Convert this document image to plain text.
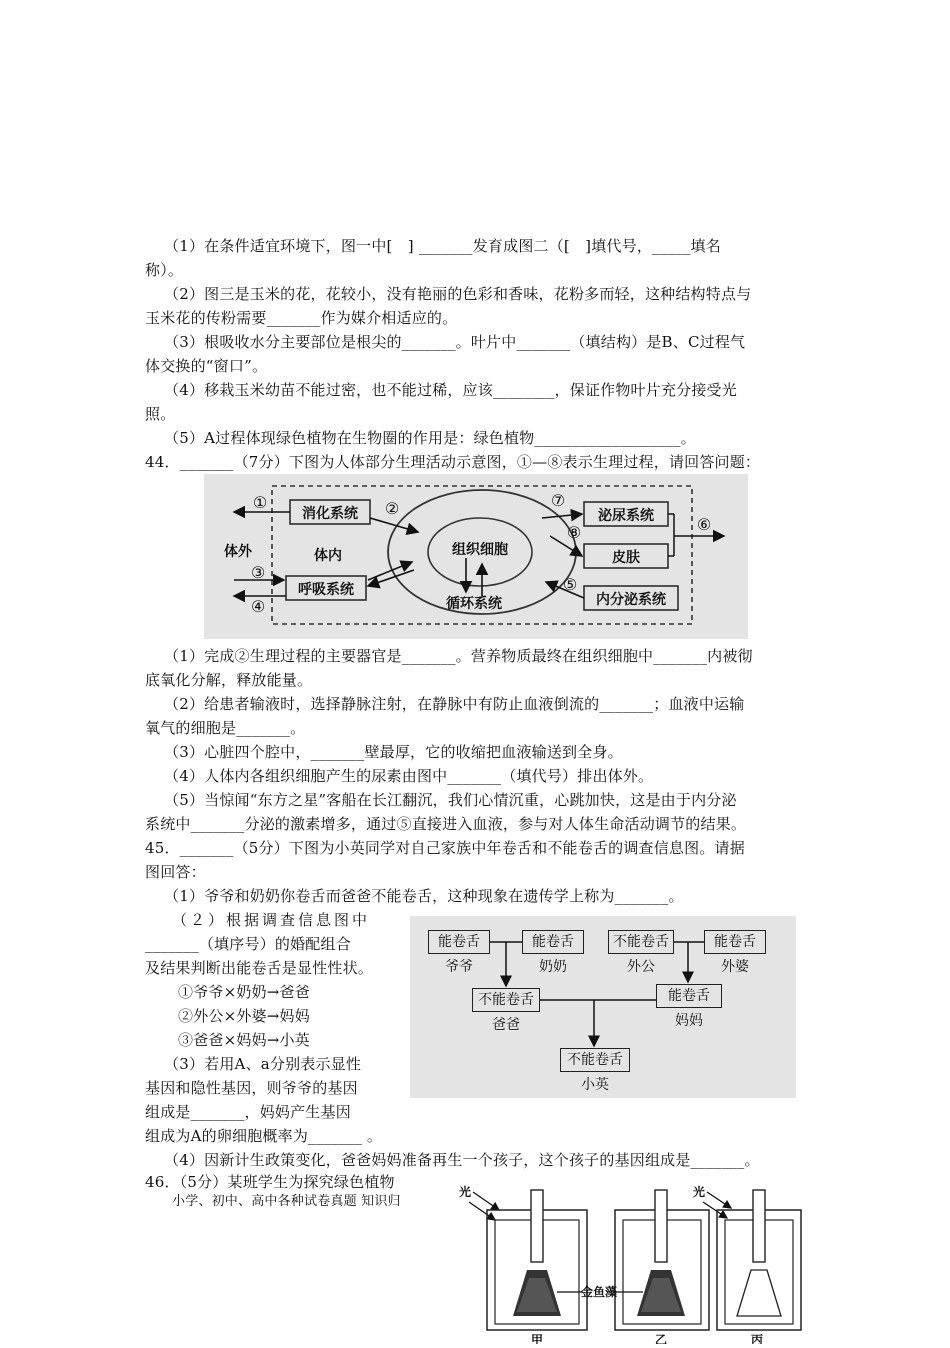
（1）在条件适宜环境下，图一中[　] _______发育成图二（[　]填代号，_____填名
称）。
（2）图三是玉米的花，花较小，没有艳丽的色彩和香味，花粉多而轻，这种结构特点与
玉米花的传粉需要_______作为媒介相适应的。
（3）根吸收水分主要部位是根尖的_______。叶片中_______（填结构）是B、C过程气
体交换的“窗口”。
（4）移栽玉米幼苗不能过密，也不能过稀，应该________，保证作物叶片充分接受光
照。
（5）A过程体现绿色植物在生物圈的作用是：绿色植物___________________。
44．_______（7分）下图为人体部分生理活动示意图，①—⑧表示生理过程，请回答问题：
消化系统
呼吸系统
泌尿系统
皮肤
内分泌系统
组织细胞
循环系统
体外	体内
①	②
③
④
⑤
⑥
⑦
⑧
（1）完成②生理过程的主要器官是_______。营养物质最终在组织细胞中_______内被彻
底氧化分解，释放能量。
（2）给患者输液时，选择静脉注射，在静脉中有防止血液倒流的_______；血液中运输
氧气的细胞是_______。
（3）心脏四个腔中，_______壁最厚，它的收缩把血液输送到全身。
（4）人体内各组织细胞产生的尿素由图中_______（填代号）排出体外。
（5）当惊闻“东方之星”客船在长江翻沉，我们心情沉重，心跳加快，这是由于内分泌
系统中_______分泌的激素增多，通过⑤直接进入血液，参与对人体生命活动调节的结果。
45．_______（5分）下图为小英同学对自己家族中年卷舌和不能卷舌的调查信息图。请据
图回答：
（1）爷爷和奶奶你卷舌而爸爸不能卷舌，这种现象在遗传学上称为_______。
（２）根据调查信息图中
_______（填序号）的婚配组合
及结果判断出能卷舌是显性性状。
①爷爷×奶奶→爸爸
②外公×外婆→妈妈
③爸爸×妈妈→小英
（3）若用A、a分别表示显性
基因和隐性基因，则爷爷的基因
组成是_______，妈妈产生基因
组成为A的卵细胞概率为_______ 。
（4）因新计生政策变化，爸爸妈妈准备再生一个孩子，这个孩子的基因组成是_______。
能卷舌
爷爷
能卷舌
奶奶
不能卷舌
外公
能卷舌
外婆
不能卷舌
爸爸
能卷舌
妈妈
不能卷舌
小英
46．（5分）某班学生为探究绿色植物
小学、初中、高中各种试卷真题 知识归
光	光
金鱼藻
甲	乙	丙
